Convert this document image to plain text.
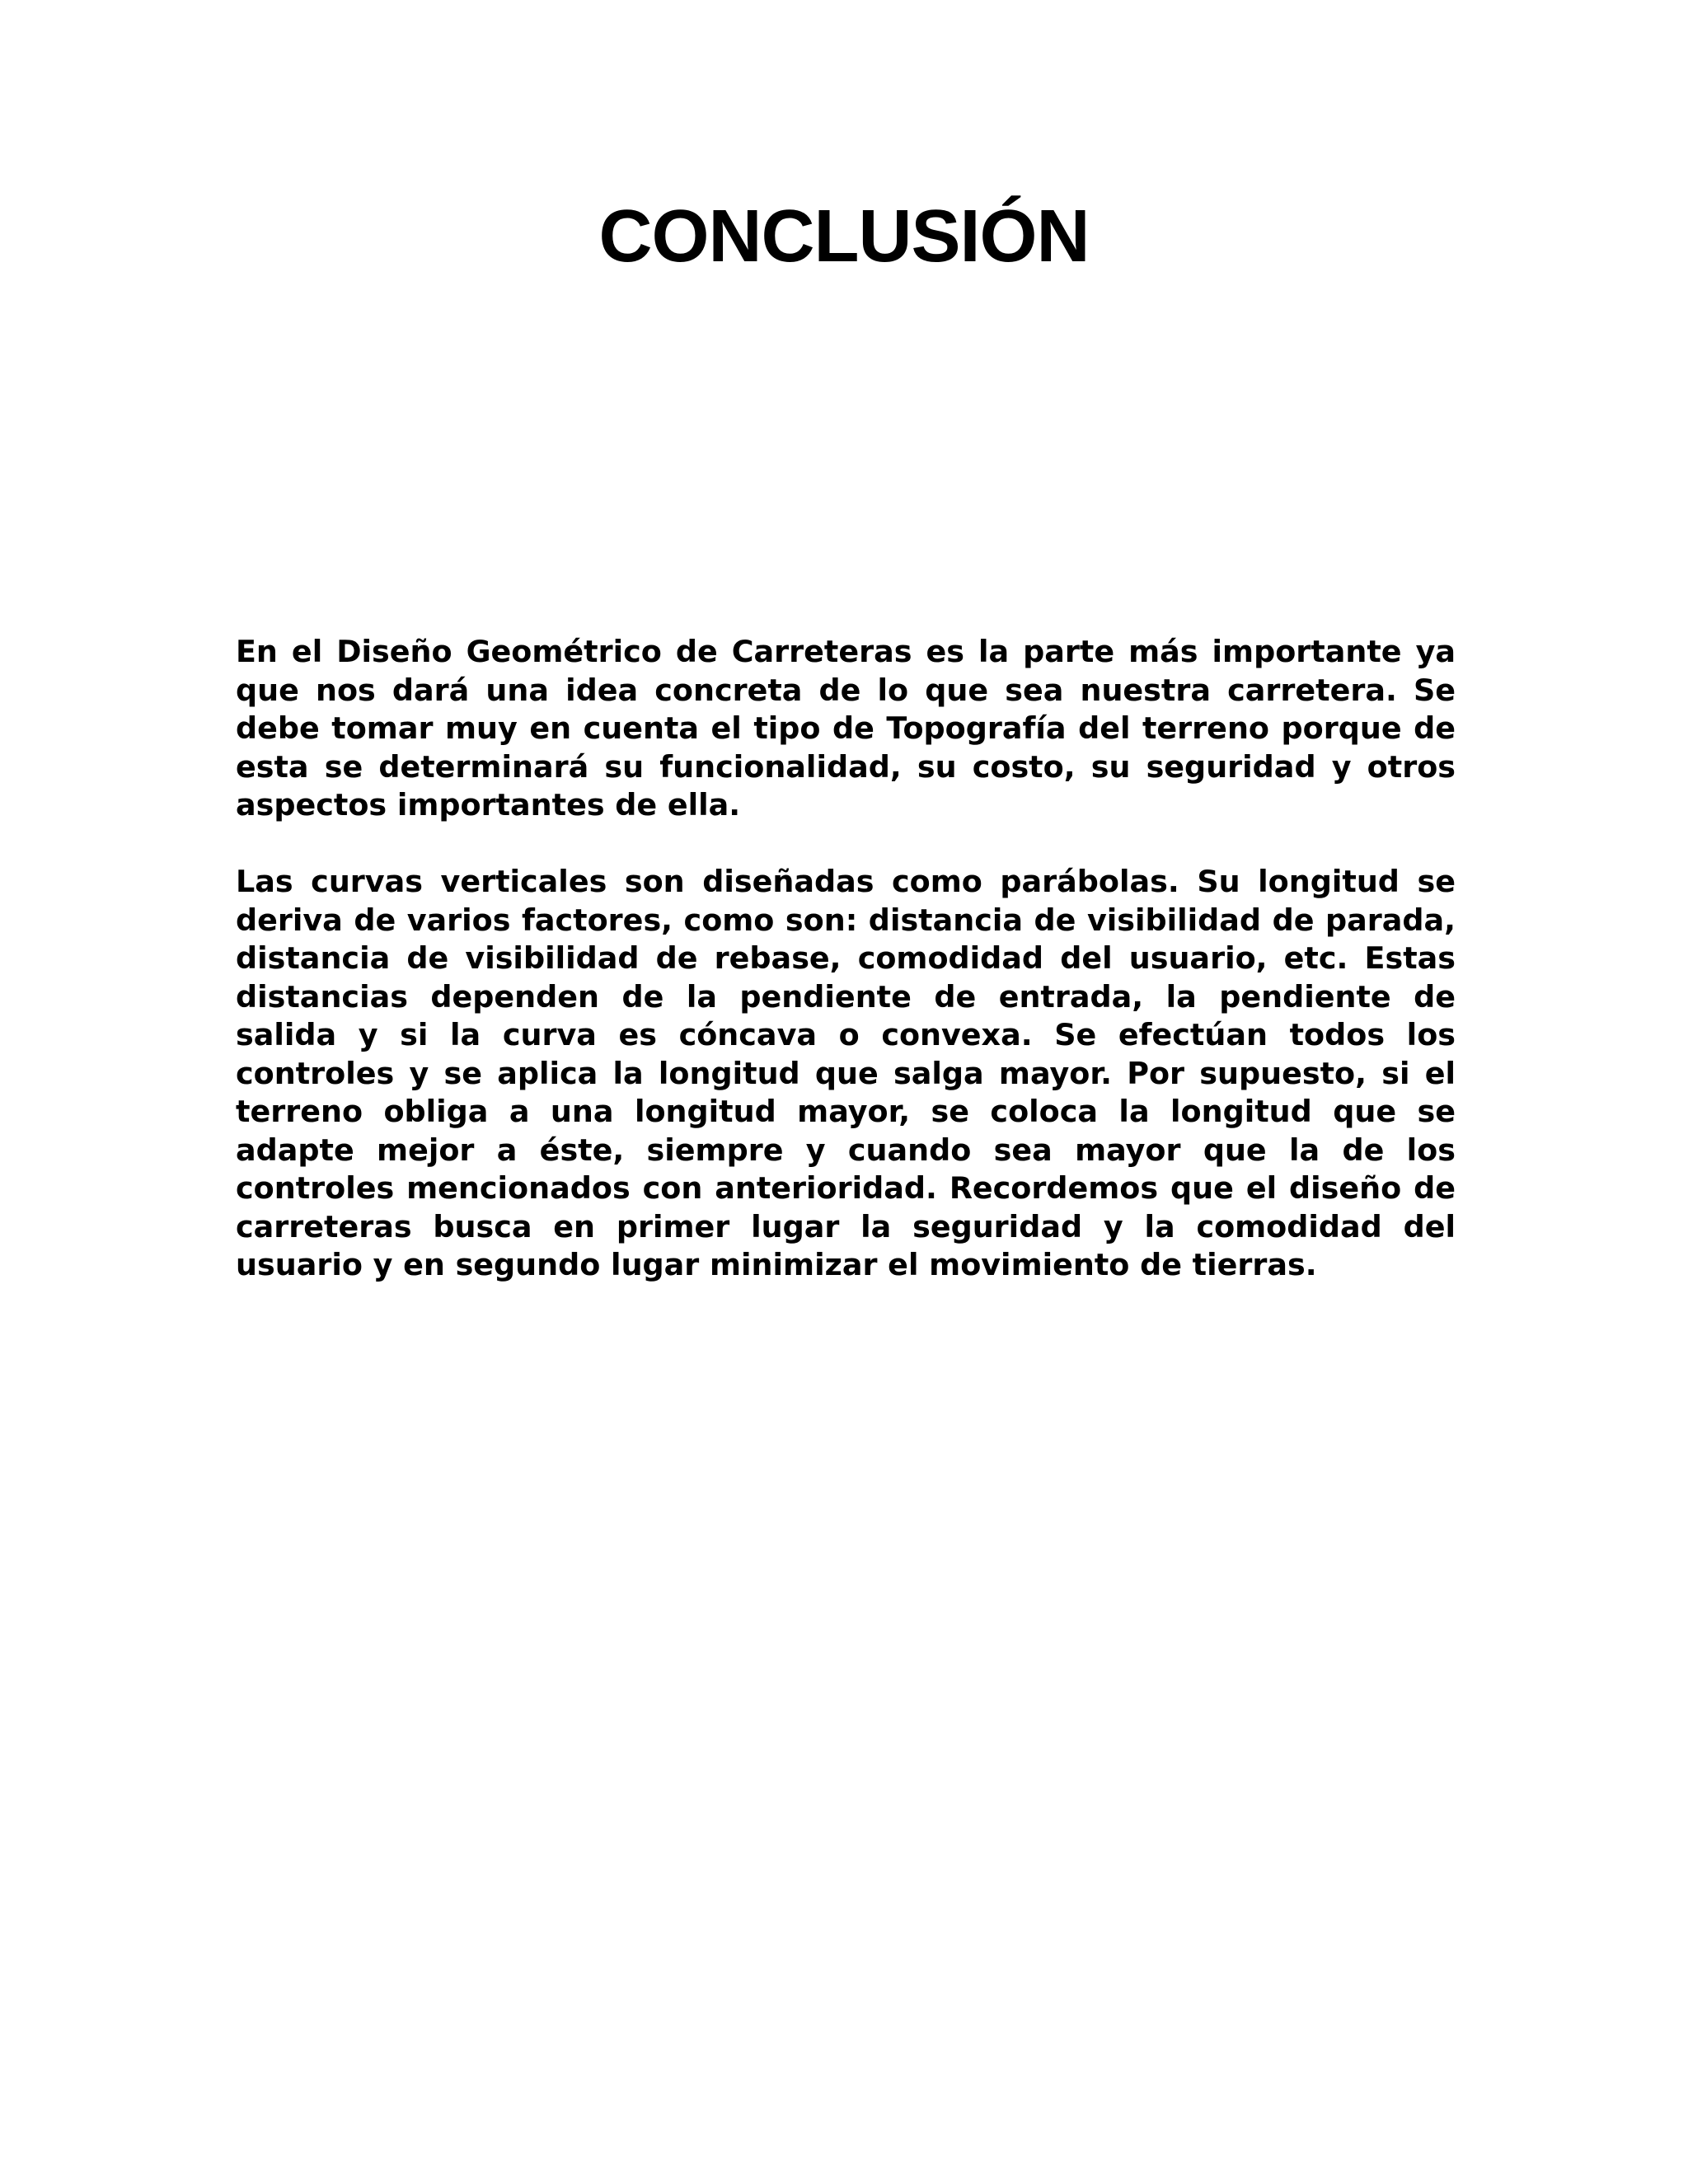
CONCLUSIÓN

En el Diseño Geométrico de Carreteras es la parte más importante ya que nos dará una idea concreta de lo que sea nuestra carretera. Se debe tomar muy en cuenta el tipo de Topografía del terreno porque de esta se determinará su funcionalidad, su costo, su seguridad y otros aspectos importantes de ella.

Las curvas verticales son diseñadas como parábolas. Su longitud se deriva de varios factores, como son: distancia de visibilidad de parada, distancia de visibilidad de rebase, comodidad del usuario, etc. Estas distancias dependen de la pendiente de entrada, la pendiente de salida y si la curva es cóncava o convexa. Se efectúan todos los controles y se aplica la longitud que salga mayor. Por supuesto, si el terreno obliga a una longitud mayor, se coloca la longitud que se adapte mejor a éste, siempre y cuando sea mayor que la de los controles mencionados con anterioridad. Recordemos que el diseño de carreteras busca en primer lugar la seguridad y la comodidad del usuario y en segundo lugar minimizar el movimiento de tierras.
